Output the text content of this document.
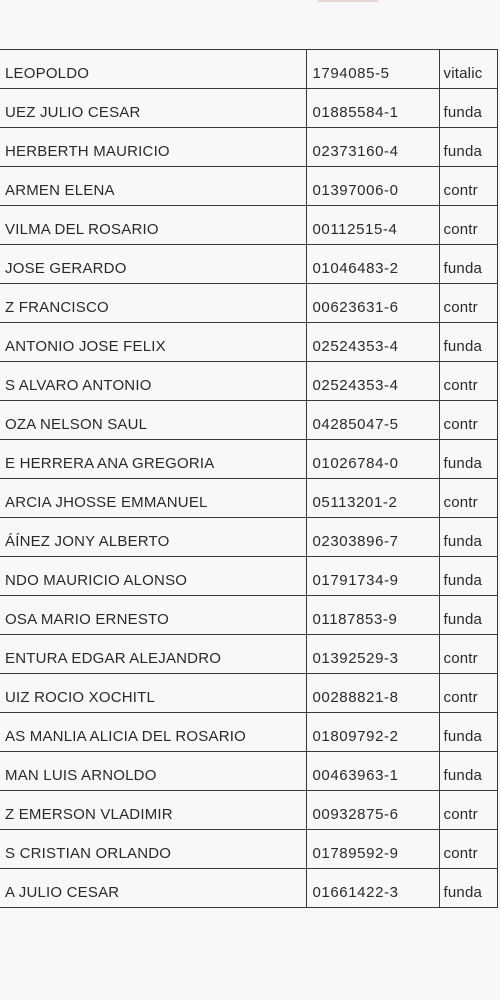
LEOPOLDO	1794085-5	vitalic

UEZ JULIO CESAR	01885584-1	funda

HERBERTH MAURICIO	02373160-4	funda

ARMEN ELENA	01397006-0	contr

VILMA DEL ROSARIO	00112515-4	contr

JOSE GERARDO	01046483-2	funda

Z FRANCISCO	00623631-6	contr

ANTONIO JOSE FELIX	02524353-4	funda

S ALVARO ANTONIO	02524353-4	contr

OZA NELSON SAUL	04285047-5	contr

E HERRERA ANA GREGORIA	01026784-0	funda

ARCIA JHOSSE EMMANUEL	05113201-2	contr

ÁÍNEZ JONY ALBERTO	02303896-7	funda

NDO MAURICIO ALONSO	01791734-9	funda

OSA MARIO ERNESTO	01187853-9	funda

ENTURA EDGAR ALEJANDRO	01392529-3	contr

UIZ ROCIO XOCHITL	00288821-8	contr

AS MANLIA ALICIA DEL ROSARIO	01809792-2	funda

MAN LUIS ARNOLDO	00463963-1	funda

Z EMERSON VLADIMIR	00932875-6	contr

S CRISTIAN ORLANDO	01789592-9	contr

A JULIO CESAR	01661422-3	funda
